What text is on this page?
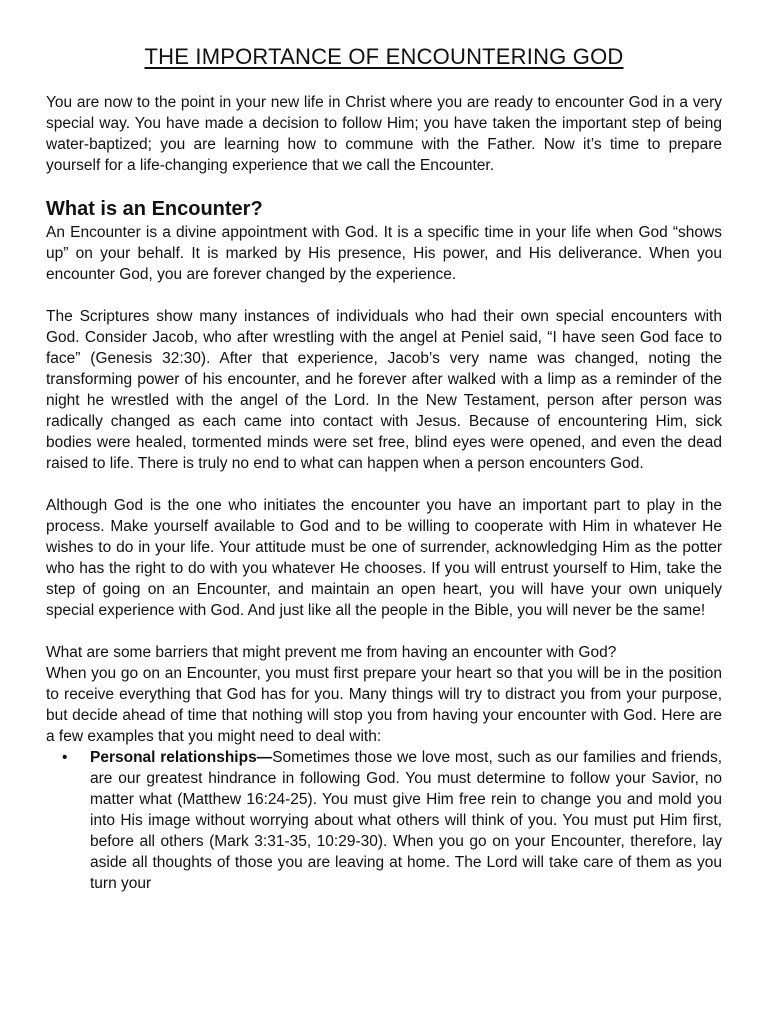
THE IMPORTANCE OF ENCOUNTERING GOD

You are now to the point in your new life in Christ where you are ready to encounter God in a very special way. You have made a decision to follow Him; you have taken the important step of being water-baptized; you are learning how to commune with the Father. Now it’s time to prepare yourself for a life-changing experience that we call the Encounter.

What is an Encounter?

An Encounter is a divine appointment with God. It is a specific time in your life when God “shows up” on your behalf. It is marked by His presence, His power, and His deliverance. When you encounter God, you are forever changed by the experience.

The Scriptures show many instances of individuals who had their own special encounters with God. Consider Jacob, who after wrestling with the angel at Peniel said, “I have seen God face to face” (Genesis 32:30). After that experience, Jacob’s very name was changed, noting the transforming power of his encounter, and he forever after walked with a limp as a reminder of the night he wrestled with the angel of the Lord. In the New Testament, person after person was radically changed as each came into contact with Jesus. Because of encountering Him, sick bodies were healed, tormented minds were set free, blind eyes were opened, and even the dead raised to life. There is truly no end to what can happen when a person encounters God.

Although God is the one who initiates the encounter you have an important part to play in the process. Make yourself available to God and to be willing to cooperate with Him in whatever He wishes to do in your life. Your attitude must be one of surrender, acknowledging Him as the potter who has the right to do with you whatever He chooses. If you will entrust yourself to Him, take the step of going on an Encounter, and maintain an open heart, you will have your own uniquely special experience with God. And just like all the people in the Bible, you will never be the same!

What are some barriers that might prevent me from having an encounter with God?

When you go on an Encounter, you must first prepare your heart so that you will be in the position to receive everything that God has for you. Many things will try to distract you from your purpose, but decide ahead of time that nothing will stop you from having your encounter with God. Here are a few examples that you might need to deal with:

• Personal relationships—Sometimes those we love most, such as our families and friends, are our greatest hindrance in following God. You must determine to follow your Savior, no matter what (Matthew 16:24-25). You must give Him free rein to change you and mold you into His image without worrying about what others will think of you. You must put Him first, before all others (Mark 3:31-35, 10:29-30). When you go on your Encounter, therefore, lay aside all thoughts of those you are leaving at home. The Lord will take care of them as you turn your
